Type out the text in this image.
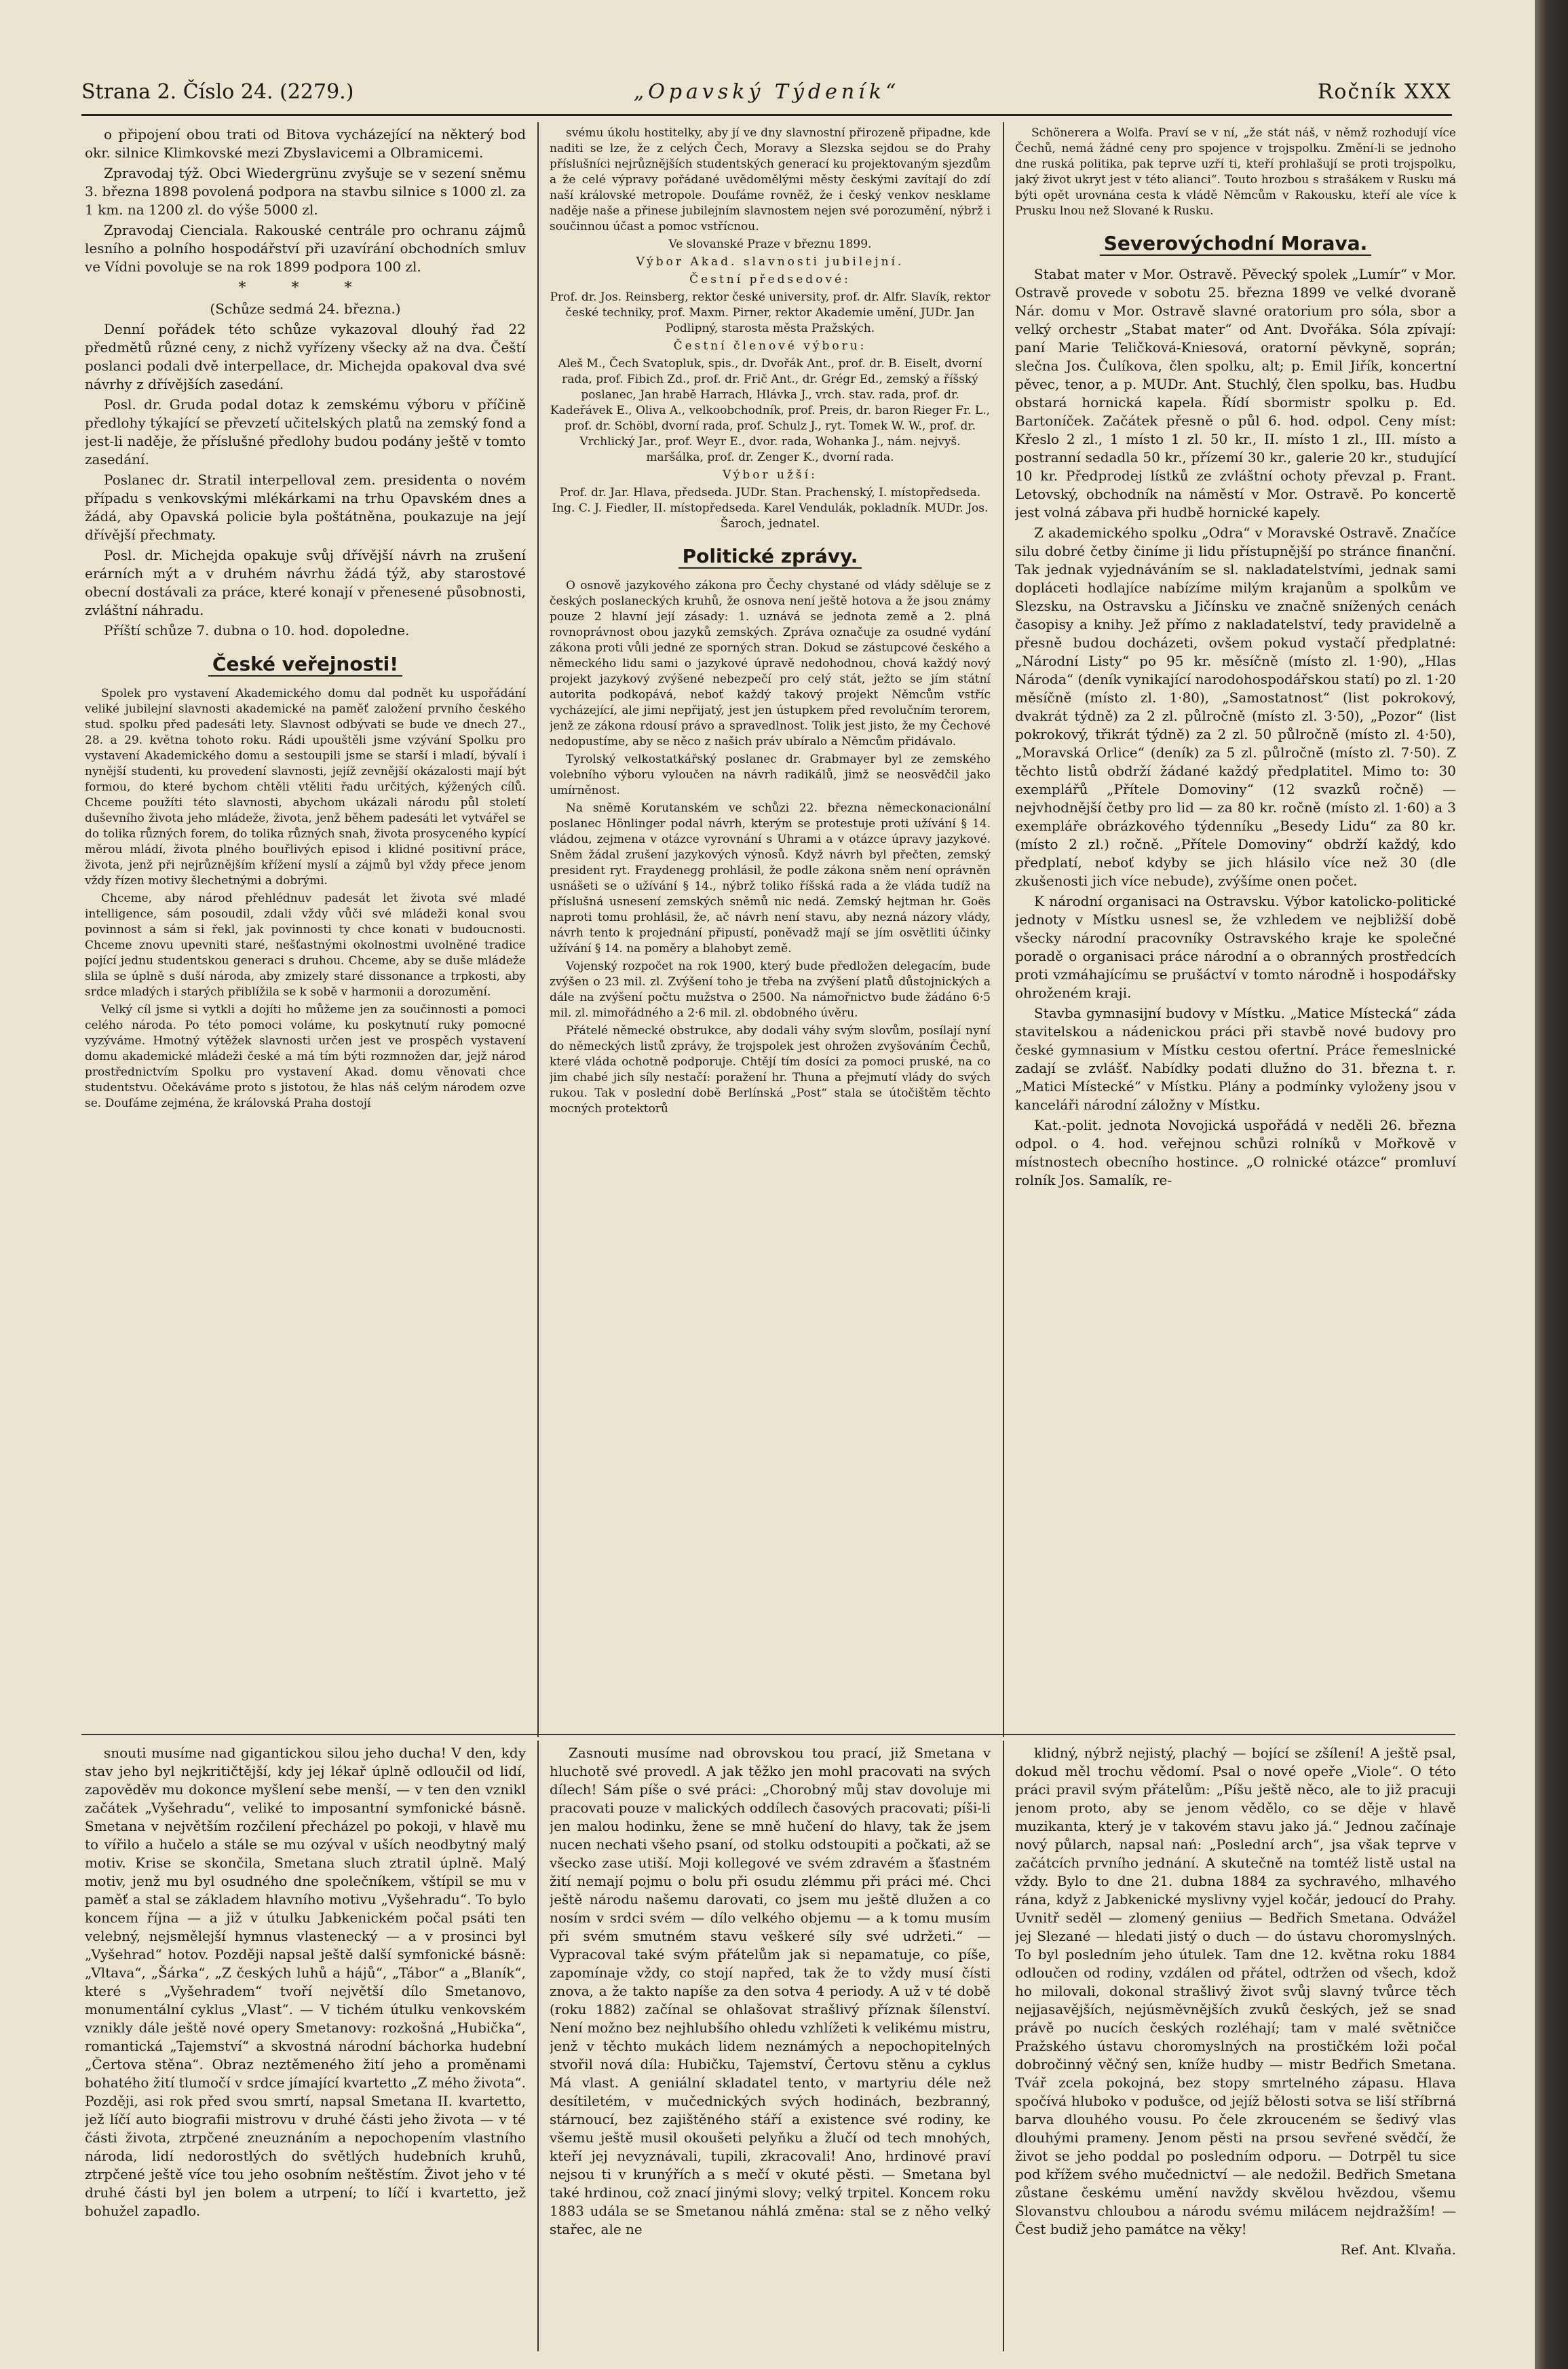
Strana 2. Číslo 24. (2279.)	„Opavský Týdeník“	Ročník XXX

o připojení obou trati od Bitova vycházející na některý bod okr. silnice Klimkovské mezi Zbyslavicemi a Olbramicemi.

Zpravodaj týž. Obci Wiedergrünu zvyšuje se v sezení sněmu 3. března 1898 povolená podpora na stavbu silnice s 1000 zl. za 1 km. na 1200 zl. do výše 5000 zl.

Zpravodaj Cienciala. Rakouské centrále pro ochranu zájmů lesního a polního hospodářství při uzavírání obchodních smluv ve Vídni povoluje se na rok 1899 podpora 100 zl.

* * *

(Schůze sedmá 24. března.)

Denní pořádek této schůze vykazoval dlouhý řad 22 předmětů různé ceny, z nichž vyřízeny všecky až na dva. Čeští poslanci podali dvě interpellace, dr. Michejda opakoval dva své návrhy z dřívějších zasedání.

Posl. dr. Gruda podal dotaz k zemskému výboru v příčině předlohy týkající se převzetí učitelských platů na zemský fond a jest-li naděje, že příslušné předlohy budou podány ještě v tomto zasedání.

Poslanec dr. Stratil interpelloval zem. presidenta o novém případu s venkovskými mlékárkami na trhu Opavském dnes a žádá, aby Opavská policie byla poštátněna, poukazuje na její dřívější přechmaty.

Posl. dr. Michejda opakuje svůj dřívější návrh na zrušení erárních mýt a v druhém návrhu žádá týž, aby starostové obecní dostávali za práce, které konají v přenesené působnosti, zvláštní náhradu.

Příští schůze 7. dubna o 10. hod. dopoledne.

České veřejnosti!

Spolek pro vystavení Akademického domu dal podnět ku uspořádání veliké jubilejní slavnosti akademické na paměť založení prvního českého stud. spolku před padesáti lety. Slavnost odbývati se bude ve dnech 27., 28. a 29. května tohoto roku. Rádi upouštěli jsme vzývání Spolku pro vystavení Akademického domu a sestoupili jsme se starší i mladí, bývalí i nynější studenti, ku provedení slavnosti, jejíž zevnější okázalosti mají být formou, do které bychom chtěli vtěliti řadu určitých, kýžených cílů. Chceme použíti této slavnosti, abychom ukázali národu půl století duševního života jeho mládeže, života, jenž během padesáti let vytvářel se do tolika různých forem, do tolika různých snah, života prosyceného kypící měrou mládí, života plného bouřlivých episod i klidné positivní práce, života, jenž při nejrůznějším křížení myslí a zájmů byl vždy přece jenom vždy řízen motivy šlechetnými a dobrými.

Chceme, aby národ přehlédnuv padesát let života své mladé intelligence, sám posoudil, zdali vždy vůči své mládeži konal svou povinnost a sám si řekl, jak povinnosti ty chce konati v budoucnosti. Chceme znovu upevniti staré, nešťastnými okolnostmi uvolněné tradice pojící jednu studentskou generaci s druhou. Chceme, aby se duše mládeže slila se úplně s duší národa, aby zmizely staré dissonance a trpkosti, aby srdce mladých i starých přiblížila se k sobě v harmonii a dorozumění.

Velký cíl jsme si vytkli a dojíti ho můžeme jen za součinnosti a pomoci celého národa. Po této pomoci voláme, ku poskytnutí ruky pomocné vyzýváme. Hmotný výtěžek slavnosti určen jest ve prospěch vystavení domu akademické mládeži české a má tím býti rozmnožen dar, jejž národ prostřednictvím Spolku pro vystavení Akad. domu věnovati chce studentstvu. Očekáváme proto s jistotou, že hlas náš celým národem ozve se. Doufáme zejména, že královská Praha dostojí

svému úkolu hostitelky, aby jí ve dny slavnostní přirozeně připadne, kde naditi se lze, že z celých Čech, Moravy a Slezska sejdou se do Prahy příslušníci nejrůznějších studentských generací ku projektovaným sjezdům a že celé výpravy pořádané uvědomělými městy českými zavítají do zdí naší královské metropole. Doufáme rovněž, že i český venkov nesklame naděje naše a přinese jubilejním slavnostem nejen své porozumění, nýbrž i součinnou účast a pomoc vstřícnou.

Ve slovanské Praze v březnu 1899.

Výbor Akad. slavnosti jubilejní.

Čestní předsedové:

Prof. dr. Jos. Reinsberg, rektor české university, prof. dr. Alfr. Slavík, rektor české techniky, prof. Maxm. Pirner, rektor Akademie umění, JUDr. Jan Podlipný, starosta města Pražských.

Čestní členové výboru:

Aleš M., Čech Svatopluk, spis., dr. Dvořák Ant., prof. dr. B. Eiselt, dvorní rada, prof. Fibich Zd., prof. dr. Frič Ant., dr. Grégr Ed., zemský a říšský poslanec, Jan hrabě Harrach, Hlávka J., vrch. stav. rada, prof. dr. Kadeřávek E., Oliva A., velkoobchodník, prof. Preis, dr. baron Rieger Fr. L., prof. dr. Schöbl, dvorní rada, prof. Schulz J., ryt. Tomek W. W., prof. dr. Vrchlický Jar., prof. Weyr E., dvor. rada, Wohanka J., nám. nejvyš. maršálka, prof. dr. Zenger K., dvorní rada.

Výbor užší:

Prof. dr. Jar. Hlava, předseda. JUDr. Stan. Prachenský, I. místopředseda. Ing. C. J. Fiedler, II. místopředseda. Karel Vendulák, pokladník. MUDr. Jos. Šaroch, jednatel.

Politické zprávy.

O osnově jazykového zákona pro Čechy chystané od vlády sděluje se z českých poslaneckých kruhů, že osnova není ještě hotova a že jsou známy pouze 2 hlavní její zásady: 1. uznává se jednota země a 2. plná rovnoprávnost obou jazyků zemských. Zpráva označuje za osudné vydání zákona proti vůli jedné ze sporných stran. Dokud se zástupcové českého a německého lidu sami o jazykové úpravě nedohodnou, chová každý nový projekt jazykový zvýšené nebezpečí pro celý stát, ježto se jím státní autorita podkopává, neboť každý takový projekt Němcům vstříc vycházející, ale jimi nepřijatý, jest jen ústupkem před revolučním terorem, jenž ze zákona rdousí právo a spravedlnost. Tolik jest jisto, že my Čechové nedopustíme, aby se něco z našich práv ubíralo a Němcům přidávalo.

Tyrolský velkostatkářský poslanec dr. Grabmayer byl ze zemského volebního výboru vyloučen na návrh radikálů, jimž se neosvědčil jako umírněnost.

Na sněmě Korutanském ve schůzi 22. března německonacionální poslanec Hönlinger podal návrh, kterým se protestuje proti užívání § 14. vládou, zejmena v otázce vyrovnání s Uhrami a v otázce úpravy jazykové. Sněm žádal zrušení jazykových výnosů. Když návrh byl přečten, zemský president ryt. Fraydenegg prohlásil, že podle zákona sněm není oprávněn usnášeti se o užívání § 14., nýbrž toliko říšská rada a že vláda tudíž na příslušná usnesení zemských sněmů nic nedá. Zemský hejtman hr. Goës naproti tomu prohlásil, že, ač návrh není stavu, aby nezná názory vlády, návrh tento k projednání připustí, poněvadž mají se jím osvětliti účinky užívání § 14. na poměry a blahobyt země.

Vojenský rozpočet na rok 1900, který bude předložen delegacím, bude zvýšen o 23 mil. zl. Zvýšení toho je třeba na zvýšení platů důstojnických a dále na zvýšení počtu mužstva o 2500. Na námořnictvo bude žádáno 6·5 mil. zl. mimořádného a 2·6 mil. zl. obdobného úvěru.

Přátelé německé obstrukce, aby dodali váhy svým slovům, posílají nyní do německých listů zprávy, že trojspolek jest ohrožen zvyšováním Čechů, které vláda ochotně podporuje. Chtějí tím dosíci za pomoci pruské, na co jim chabé jich síly nestačí: poražení hr. Thuna a přejmutí vlády do svých rukou. Tak v poslední době Berlínská „Post“ stala se útočištěm těchto mocných protektorů

Schönerera a Wolfa. Praví se v ní, „že stát náš, v němž rozhodují více Čechů, nemá žádné ceny pro spojence v trojspolku. Změní-li se jednoho dne ruská politika, pak teprve uzří ti, kteří prohlašují se proti trojspolku, jaký život ukryt jest v této alianci“. Touto hrozbou s strašákem v Rusku má býti opět urovnána cesta k vládě Němcům v Rakousku, kteří ale více k Prusku lnou než Slované k Rusku.

Severovýchodní Morava.

Stabat mater v Mor. Ostravě. Pěvecký spolek „Lumír“ v Mor. Ostravě provede v sobotu 25. března 1899 ve velké dvoraně Nár. domu v Mor. Ostravě slavné oratorium pro sóla, sbor a velký orchestr „Stabat mater“ od Ant. Dvořáka. Sóla zpívají: paní Marie Teličková-Kniesová, oratorní pěvkyně, soprán; slečna Jos. Čulíkova, člen spolku, alt; p. Emil Jiřík, koncertní pěvec, tenor, a p. MUDr. Ant. Stuchlý, člen spolku, bas. Hudbu obstará hornická kapela. Řídí sbormistr spolku p. Ed. Bartoníček. Začátek přesně o půl 6. hod. odpol. Ceny míst: Křeslo 2 zl., 1 místo 1 zl. 50 kr., II. místo 1 zl., III. místo a postranní sedadla 50 kr., přízemí 30 kr., galerie 20 kr., studující 10 kr. Předprodej lístků ze zvláštní ochoty převzal p. Frant. Letovský, obchodník na náměstí v Mor. Ostravě. Po koncertě jest volná zábava při hudbě hornické kapely.

Z akademického spolku „Odra“ v Moravské Ostravě. Značíce silu dobré četby činíme ji lidu přístupnější po stránce finanční. Tak jednak vyjednáváním se sl. nakladatelstvími, jednak sami dopláceti hodlajíce nabízíme milým krajanům a spolkům ve Slezsku, na Ostravsku a Jičínsku ve značně snížených cenách časopisy a knihy. Jež přímo z nakladatelství, tedy pravidelně a přesně budou docházeti, ovšem pokud vystačí předplatné: „Národní Listy“ po 95 kr. měsíčně (místo zl. 1·90), „Hlas Národa“ (deník vynikající narodohospodářskou statí) po zl. 1·20 měsíčně (místo zl. 1·80), „Samostatnost“ (list pokrokový, dvakrát týdně) za 2 zl. půlročně (místo zl. 3·50), „Pozor“ (list pokrokový, třikrát týdně) za 2 zl. 50 půlročně (místo zl. 4·50), „Moravská Orlice“ (deník) za 5 zl. půlročně (místo zl. 7·50). Z těchto listů obdrží žádané každý předplatitel. Mimo to: 30 exemplářů „Přítele Domoviny“ (12 svazků ročně) — nejvhodnější četby pro lid — za 80 kr. ročně (místo zl. 1·60) a 3 exempláře obrázkového týdenníku „Besedy Lidu“ za 80 kr. (místo 2 zl.) ročně. „Přítele Domoviny“ obdrží každý, kdo předplatí, neboť kdyby se jich hlásilo více než 30 (dle zkušenosti jich více nebude), zvýšíme onen počet.

K národní organisaci na Ostravsku. Výbor katolicko-politické jednoty v Místku usnesl se, že vzhledem ve nejbližší době všecky národní pracovníky Ostravského kraje ke společné poradě o organisaci práce národní a o obranných prostředcích proti vzmáhajícímu se prušáctví v tomto národně i hospodářsky ohroženém kraji.

Stavba gymnasijní budovy v Místku. „Matice Místecká“ záda stavitelskou a nádenickou práci při stavbě nové budovy pro české gymnasium v Místku cestou ofertní. Práce řemeslnické zadají se zvlášť. Nabídky podati dlužno do 31. března t. r. „Matici Místecké“ v Místku. Plány a podmínky vyloženy jsou v kanceláři národní záložny v Místku.

Kat.-polit. jednota Novojická uspořádá v neděli 26. března odpol. o 4. hod. veřejnou schůzi rolníků v Mořkově v místnostech obecního hostince. „O rolnické otázce“ promluví rolník Jos. Samalík, re-

snouti musíme nad gigantickou silou jeho ducha! V den, kdy stav jeho byl nejkritičtější, kdy jej lékař úplně odloučil od lidí, zapověděv mu dokonce myšlení sebe menší, — v ten den vznikl začátek „Vyšehradu“, veliké to imposantní symfonické básně. Smetana v největším rozčilení přecházel po pokoji, v hlavě mu to vířilo a hučelo a stále se mu ozýval v uších neodbytný malý motiv. Krise se skončila, Smetana sluch ztratil úplně. Malý motiv, jenž mu byl osudného dne společníkem, vštípil se mu v paměť a stal se základem hlavního motivu „Vyšehradu“. To bylo koncem října — a již v útulku Jabkenickém počal psáti ten velebný, nejsmělejší hymnus vlastenecký — a v prosinci byl „Vyšehrad“ hotov. Později napsal ještě další symfonické básně: „Vltava“, „Šárka“, „Z českých luhů a hájů“, „Tábor“ a „Blaník“, které s „Vyšehradem“ tvoří největší dílo Smetanovo, monumentální cyklus „Vlast“. — V tichém útulku venkovském vznikly dále ještě nové opery Smetanovy: rozkošná „Hubička“, romantická „Tajemství“ a skvostná národní báchorka hudební „Čertova stěna“. Obraz neztěmeného žití jeho a proměnami bohatého žití tlumočí v srdce jímající kvartetto „Z mého života“. Později, asi rok před svou smrtí, napsal Smetana II. kvartetto, jež líčí auto biografii mistrovu v druhé části jeho života — v té části života, ztrpčené zneuznáním a nepochopením vlastního národa, lidí nedorostlých do světlých hudebních kruhů, ztrpčené ještě více tou jeho osobním neštěstím. Život jeho v té druhé části byl jen bolem a utrpení; to líčí i kvartetto, jež bohužel zapadlo.

Zasnouti musíme nad obrovskou tou prací, již Smetana v hluchotě své provedl. A jak těžko jen mohl pracovati na svých dílech! Sám píše o své práci: „Chorobný můj stav dovoluje mi pracovati pouze v malických oddílech časových pracovati; píši-li jen malou hodinku, žene se mně hučení do hlavy, tak že jsem nucen nechati všeho psaní, od stolku odstoupiti a počkati, až se všecko zase utiší. Moji kollegové ve svém zdravém a šťastném žití nemají pojmu o bolu při osudu zlémmu při práci mé. Chci ještě národu našemu darovati, co jsem mu ještě dlužen a co nosím v srdci svém — dílo velkého objemu — a k tomu musím při svém smutném stavu veškeré síly své udržeti.“ — Vypracoval také svým přátelům jak si nepamatuje, co píše, zapomínaje vždy, co stojí napřed, tak že to vždy musí čísti znova, a že takto napíše za den sotva 4 periody. A už v té době (roku 1882) začínal se ohlašovat strašlivý příznak šílenství. Není možno bez nejhlubšího ohledu vzhlížeti k velikému mistru, jenž v těchto mukách lidem neznámých a nepochopitelných stvořil nová díla: Hubičku, Tajemství, Čertovu stěnu a cyklus Má vlast. A geniální skladatel tento, v martyriu déle než desítiletém, v mučednických svých hodinách, bezbranný, stárnoucí, bez zajištěného stáří a existence své rodiny, ke všemu ještě musil okoušeti pelyňku a žlučí od tech mnohých, kteří jej nevyznávali, tupili, zkracovali! Ano, hrdinové praví nejsou ti v krunýřích a s mečí v okuté pěsti. — Smetana byl také hrdinou, což znací jinými slovy; velký trpitel. Koncem roku 1883 udála se se Smetanou náhlá změna: stal se z něho velký stařec, ale ne

klidný, nýbrž nejistý, plachý — bojící se zšílení! A ještě psal, dokud měl trochu vědomí. Psal o nové opeře „Viole“. O této práci pravil svým přátelům: „Píšu ještě něco, ale to již pracuji jenom proto, aby se jenom vědělo, co se děje v hlavě muzikanta, který je v takovém stavu jako já.“ Jednou začínaje nový půlarch, napsal nań: „Poslední arch“, jsa však teprve v začátcích prvního jednání. A skutečně na tomtéž listě ustal na vždy. Bylo to dne 21. dubna 1884 za sychravého, mlhavého rána, když z Jabkenické myslivny vyjel kočár, jedoucí do Prahy. Uvnitř seděl — zlomený geniius — Bedřich Smetana. Odvážel jej Slezané — hledati jistý o duch — do ústavu choromyslných. To byl posledním jeho útulek. Tam dne 12. května roku 1884 odloučen od rodiny, vzdálen od přátel, odtržen od všech, kdož ho milovali, dokonal strašlivý život svůj slavný tvůrce těch nejjasavějších, nejúsměvnějších zvuků českých, jež se snad právě po nucích českých rozléhají; tam v malé světničce Pražského ústavu choromyslných na prostičkém loži počal dobročinný věčný sen, kníže hudby — mistr Bedřich Smetana. Tvář zcela pokojná, bez stopy smrtelného zápasu. Hlava spočívá hluboko v podušce, od jejíž bělosti sotva se liší stříbrná barva dlouhého vousu. Po čele zkrouceném se šedivý vlas dlouhými prameny. Jenom pěsti na prsou sevřené svědčí, že život se jeho poddal po posledním odporu. — Dotrpěl tu sice pod křížem svého mučednictví — ale nedožil. Bedřich Smetana zůstane českému umění navždy skvělou hvězdou, všemu Slovanstvu chloubou a národu svému milácem nejdražším! — Čest budiž jeho památce na věky!

Ref. Ant. Klvaňa.
